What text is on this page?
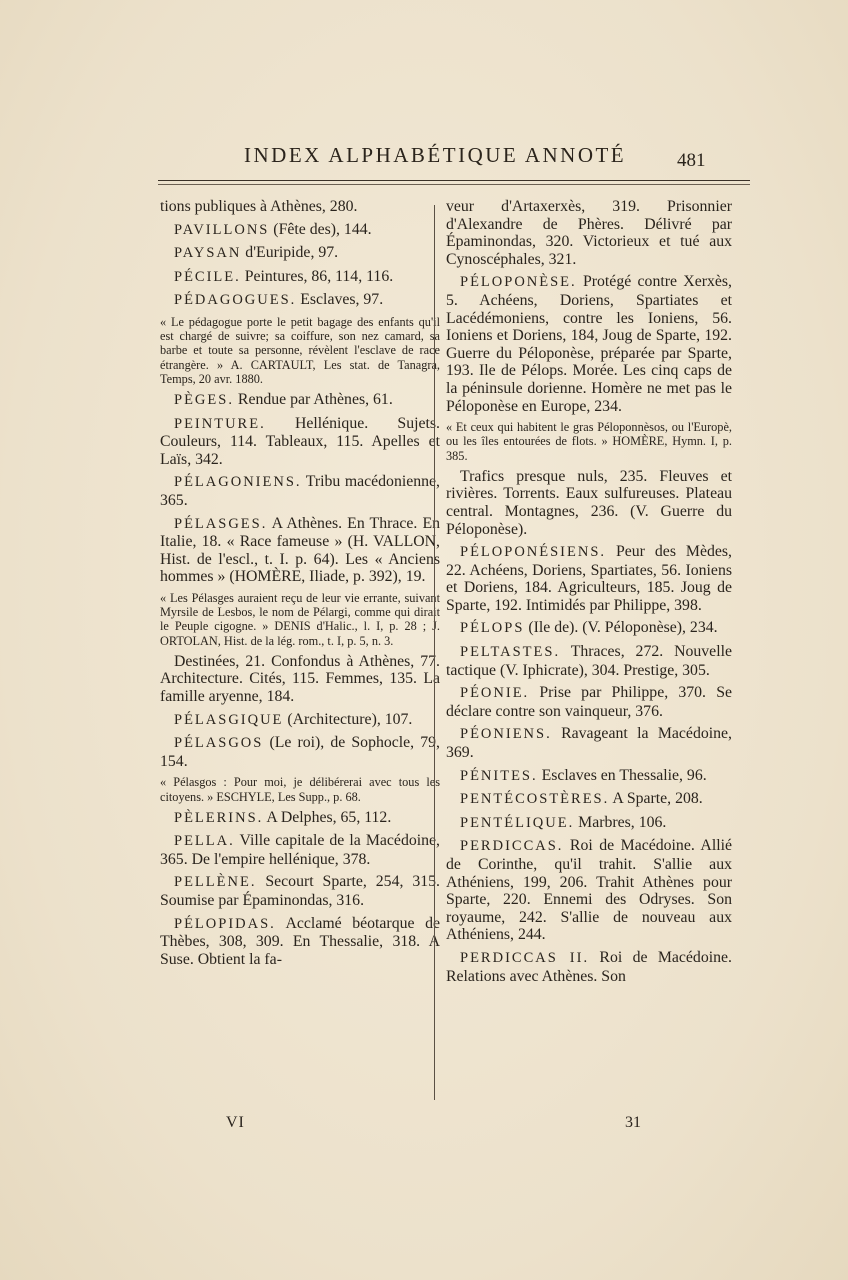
INDEX ALPHABÉTIQUE ANNOTÉ	481
tions publiques à Athènes, 280.
PAVILLONS (Fête des), 144.
PAYSAN d'Euripide, 97.
PÉCILE. Peintures, 86, 114, 116.
PÉDAGOGUES. Esclaves, 97.
« Le pédagogue porte le petit bagage des enfants qu'il est chargé de suivre; sa coiffure, son nez camard, sa barbe et toute sa personne, révèlent l'esclave de race étrangère. » A. CARTAULT, Les stat. de Tanagra, Temps, 20 avr. 1880.
PÈGES. Rendue par Athènes, 61.
PEINTURE. Hellénique. Sujets. Couleurs, 114. Tableaux, 115. Apelles et Laïs, 342.
PÉLAGONIENS. Tribu macédonienne, 365.
PÉLASGES. A Athènes. En Thrace. En Italie, 18. « Race fameuse » (H. VALLON, Hist. de l'escl., t. I. p. 64). Les « Anciens hommes » (HOMÈRE, Iliade, p. 392), 19.
« Les Pélasges auraient reçu de leur vie errante, suivant Myrsile de Lesbos, le nom de Pélargi, comme qui dirait le Peuple cigogne. » DENIS d'Halic., l. I, p. 28 ; J. ORTOLAN, Hist. de la lég. rom., t. I, p. 5, n. 3.
Destinées, 21. Confondus à Athènes, 77. Architecture. Cités, 115. Femmes, 135. La famille aryenne, 184.
PÉLASGIQUE (Architecture), 107.
PÉLASGOS (Le roi), de Sophocle, 79, 154.
« Pélasgos : Pour moi, je délibérerai avec tous les citoyens. » ESCHYLE, Les Supp., p. 68.
PÈLERINS. A Delphes, 65, 112.
PELLA. Ville capitale de la Macédoine, 365. De l'empire hellénique, 378.
PELLÈNE. Secourt Sparte, 254, 315. Soumise par Épaminondas, 316.
PÉLOPIDAS. Acclamé béotarque de Thèbes, 308, 309. En Thessalie, 318. A Suse. Obtient la fa-
veur d'Artaxerxès, 319. Prisonnier d'Alexandre de Phères. Délivré par Épaminondas, 320. Victorieux et tué aux Cynoscéphales, 321.
PÉLOPONÈSE. Protégé contre Xerxès, 5. Achéens, Doriens, Spartiates et Lacédémoniens, contre les Ioniens, 56. Ioniens et Doriens, 184, Joug de Sparte, 192. Guerre du Péloponèse, préparée par Sparte, 193. Ile de Pélops. Morée. Les cinq caps de la péninsule dorienne. Homère ne met pas le Péloponèse en Europe, 234.
« Et ceux qui habitent le gras Péloponnèsos, ou l'Europè, ou les îles entourées de flots. » HOMÈRE, Hymn. I, p. 385.
Trafics presque nuls, 235. Fleuves et rivières. Torrents. Eaux sulfureuses. Plateau central. Montagnes, 236. (V. Guerre du Péloponèse).
PÉLOPONÉSIENS. Peur des Mèdes, 22. Achéens, Doriens, Spartiates, 56. Ioniens et Doriens, 184. Agriculteurs, 185. Joug de Sparte, 192. Intimidés par Philippe, 398.
PÉLOPS (Ile de). (V. Péloponèse), 234.
PELTASTES. Thraces, 272. Nouvelle tactique (V. Iphicrate), 304. Prestige, 305.
PÉONIE. Prise par Philippe, 370. Se déclare contre son vainqueur, 376.
PÉONIENS. Ravageant la Macédoine, 369.
PÉNITES. Esclaves en Thessalie, 96.
PENTÉCOSTÈRES. A Sparte, 208.
PENTÉLIQUE. Marbres, 106.
PERDICCAS. Roi de Macédoine. Allié de Corinthe, qu'il trahit. S'allie aux Athéniens, 199, 206. Trahit Athènes pour Sparte, 220. Ennemi des Odryses. Son royaume, 242. S'allie de nouveau aux Athéniens, 244.
PERDICCAS II. Roi de Macédoine. Relations avec Athènes. Son
VI	31
